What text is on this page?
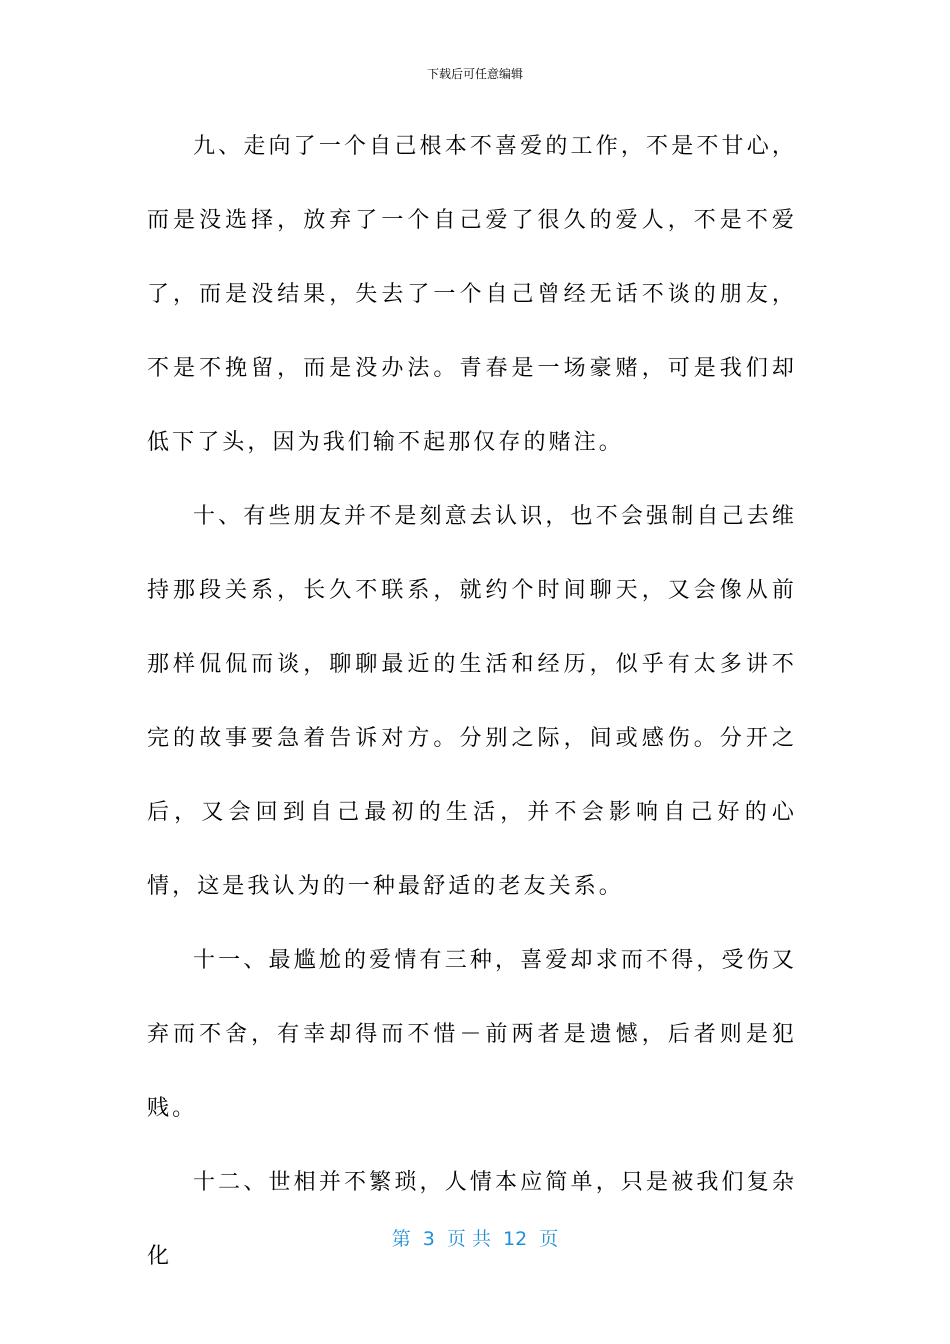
下载后可任意编辑

九、走向了一个自己根本不喜爱的工作，不是不甘心，而是没选择，放弃了一个自己爱了很久的爱人，不是不爱了，而是没结果，失去了一个自己曾经无话不谈的朋友，不是不挽留，而是没办法。青春是一场豪赌，可是我们却低下了头，因为我们输不起那仅存的赌注。

十、有些朋友并不是刻意去认识，也不会强制自己去维持那段关系，长久不联系，就约个时间聊天，又会像从前那样侃侃而谈，聊聊最近的生活和经历，似乎有太多讲不完的故事要急着告诉对方。分别之际，间或感伤。分开之后，又会回到自己最初的生活，并不会影响自己好的心情，这是我认为的一种最舒适的老友关系。

十一、最尴尬的爱情有三种，喜爱却求而不得，受伤又弃而不舍，有幸却得而不惜－前两者是遗憾，后者则是犯贱。

十二、世相并不繁琐，人情本应简单，只是被我们复杂化

第  3  页 共  12  页
